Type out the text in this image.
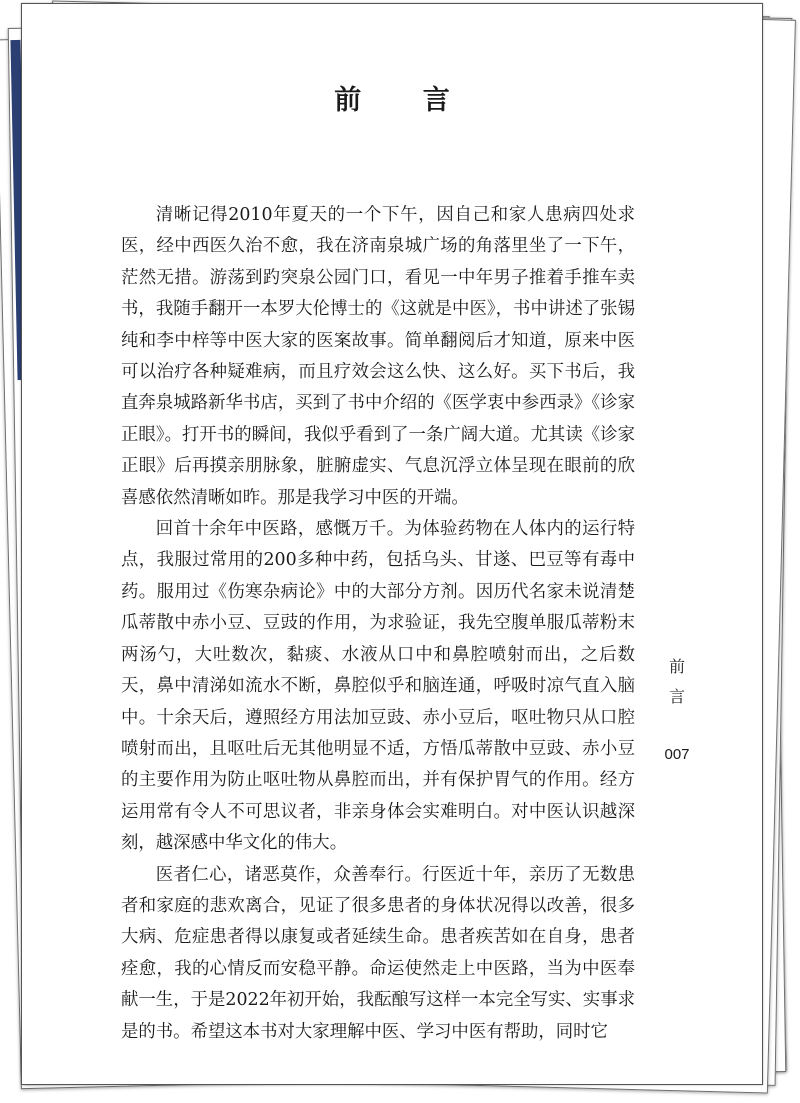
前 言

清晰记得2010年夏天的一个下午，因自己和家人患病四处求医，经中西医久治不愈，我在济南泉城广场的角落里坐了一下午，茫然无措。游荡到趵突泉公园门口，看见一中年男子推着手推车卖书，我随手翻开一本罗大伦博士的《这就是中医》，书中讲述了张锡纯和李中梓等中医大家的医案故事。简单翻阅后才知道，原来中医可以治疗各种疑难病，而且疗效会这么快、这么好。买下书后，我直奔泉城路新华书店，买到了书中介绍的《医学衷中参西录》《诊家正眼》。打开书的瞬间，我似乎看到了一条广阔大道。尤其读《诊家正眼》后再摸亲朋脉象，脏腑虚实、气息沉浮立体呈现在眼前的欣喜感依然清晰如昨。那是我学习中医的开端。

回首十余年中医路，感慨万千。为体验药物在人体内的运行特点，我服过常用的200多种中药，包括乌头、甘遂、巴豆等有毒中药。服用过《伤寒杂病论》中的大部分方剂。因历代名家未说清楚瓜蒂散中赤小豆、豆豉的作用，为求验证，我先空腹单服瓜蒂粉末两汤勺，大吐数次，黏痰、水液从口中和鼻腔喷射而出，之后数天，鼻中清涕如流水不断，鼻腔似乎和脑连通，呼吸时凉气直入脑中。十余天后，遵照经方用法加豆豉、赤小豆后，呕吐物只从口腔喷射而出，且呕吐后无其他明显不适，方悟瓜蒂散中豆豉、赤小豆的主要作用为防止呕吐物从鼻腔而出，并有保护胃气的作用。经方运用常有令人不可思议者，非亲身体会实难明白。对中医认识越深刻，越深感中华文化的伟大。

医者仁心，诸恶莫作，众善奉行。行医近十年，亲历了无数患者和家庭的悲欢离合，见证了很多患者的身体状况得以改善，很多大病、危症患者得以康复或者延续生命。患者疾苦如在自身，患者痊愈，我的心情反而安稳平静。命运使然走上中医路，当为中医奉献一生，于是2022年初开始，我酝酿写这样一本完全写实、实事求是的书。希望这本书对大家理解中医、学习中医有帮助，同时它

前
言
007
